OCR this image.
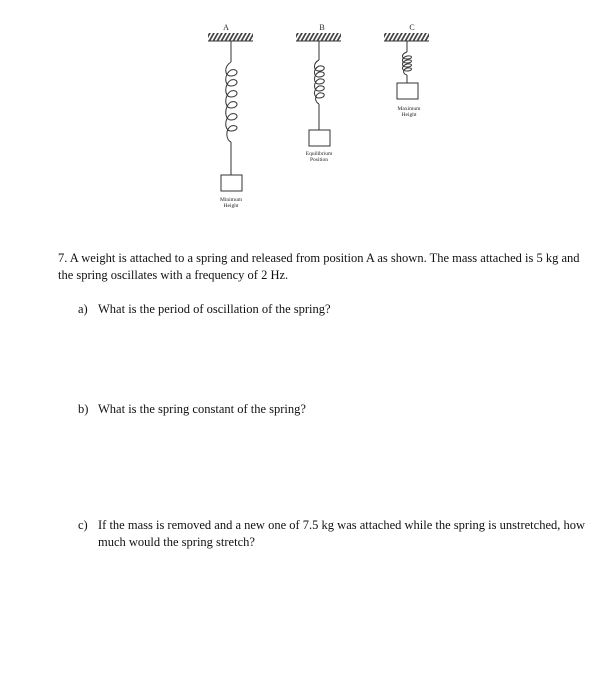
A
Minimum
Height
B
Equilibrium
Position
C
Maximum
Height

7. A weight is attached to a spring and released from position A as shown. The mass attached is 5 kg and the spring oscillates with a frequency of 2 Hz.

a) What is the period of oscillation of the spring?
b) What is the spring constant of the spring?
c) If the mass is removed and a new one of 7.5 kg was attached while the spring is unstretched, how much would the spring stretch?
